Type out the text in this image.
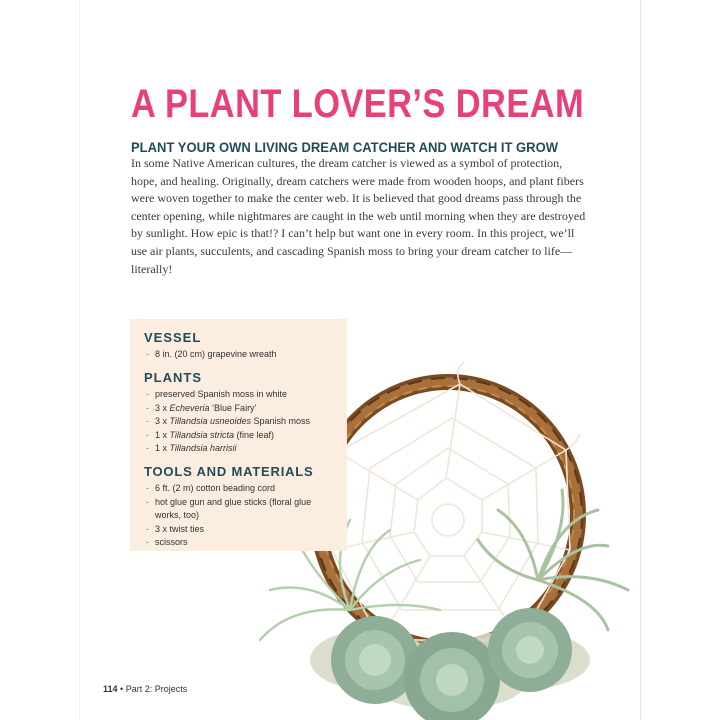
A PLANT LOVER’S DREAM
PLANT YOUR OWN LIVING DREAM CATCHER AND WATCH IT GROW

In some Native American cultures, the dream catcher is viewed as a symbol of protection, hope, and healing. Originally, dream catchers were made from wooden hoops, and plant fibers were woven together to make the center web. It is believed that good dreams pass through the center opening, while nightmares are caught in the web until morning when they are destroyed by sunlight. How epic is that!? I can’t help but want one in every room. In this project, we’ll use air plants, succulents, and cascading Spanish moss to bring your dream catcher to life—literally!

VESSEL
- 8 in. (20 cm) grapevine wreath
PLANTS
- preserved Spanish moss in white
- 3 x Echeveria ‘Blue Fairy’
- 3 x Tillandsia usneoides Spanish moss
- 1 x Tillandsia stricta (fine leaf)
- 1 x Tillandsia harrisii
TOOLS AND MATERIALS
- 6 ft. (2 m) cotton beading cord
- hot glue gun and glue sticks (floral glue works, too)
- 3 x twist ties
- scissors
114 • Part 2: Projects
